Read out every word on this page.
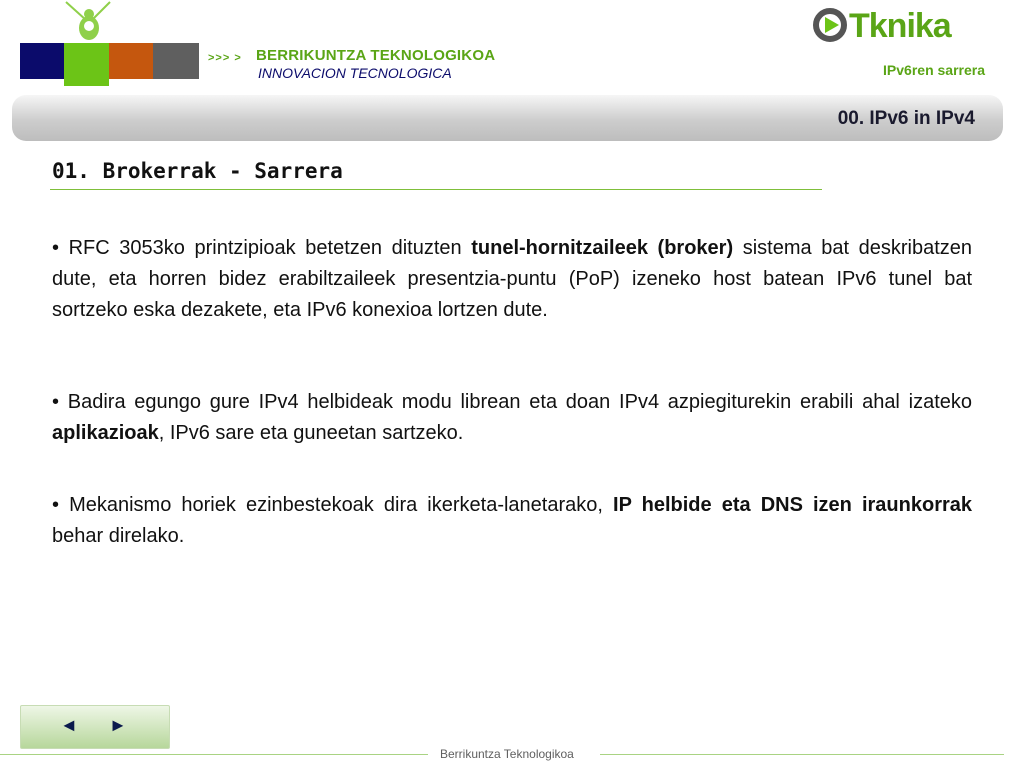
>>> > BERRIKUNTZA TEKNOLOGIKOA
INNOVACION TECNOLOGICA
Tknika
IPv6ren sarrera
00. IPv6 in IPv4
01. Brokerrak - Sarrera

• RFC 3053ko printzipioak betetzen dituzten tunel-hornitzaileek (broker) sistema bat deskribatzen dute, eta horren bidez erabiltzaileek presentzia-puntu (PoP) izeneko host batean IPv6 tunel bat sortzeko eska dezakete, eta IPv6 konexioa lortzen dute.

• Badira egungo gure IPv4 helbideak modu librean eta doan IPv4 azpiegiturekin erabili ahal izateko aplikazioak, IPv6 sare eta guneetan sartzeko.

• Mekanismo horiek ezinbestekoak dira ikerketa-lanetarako, IP helbide eta DNS izen iraunkorrak behar direlako.

◄ ►
Berrikuntza Teknologikoa
